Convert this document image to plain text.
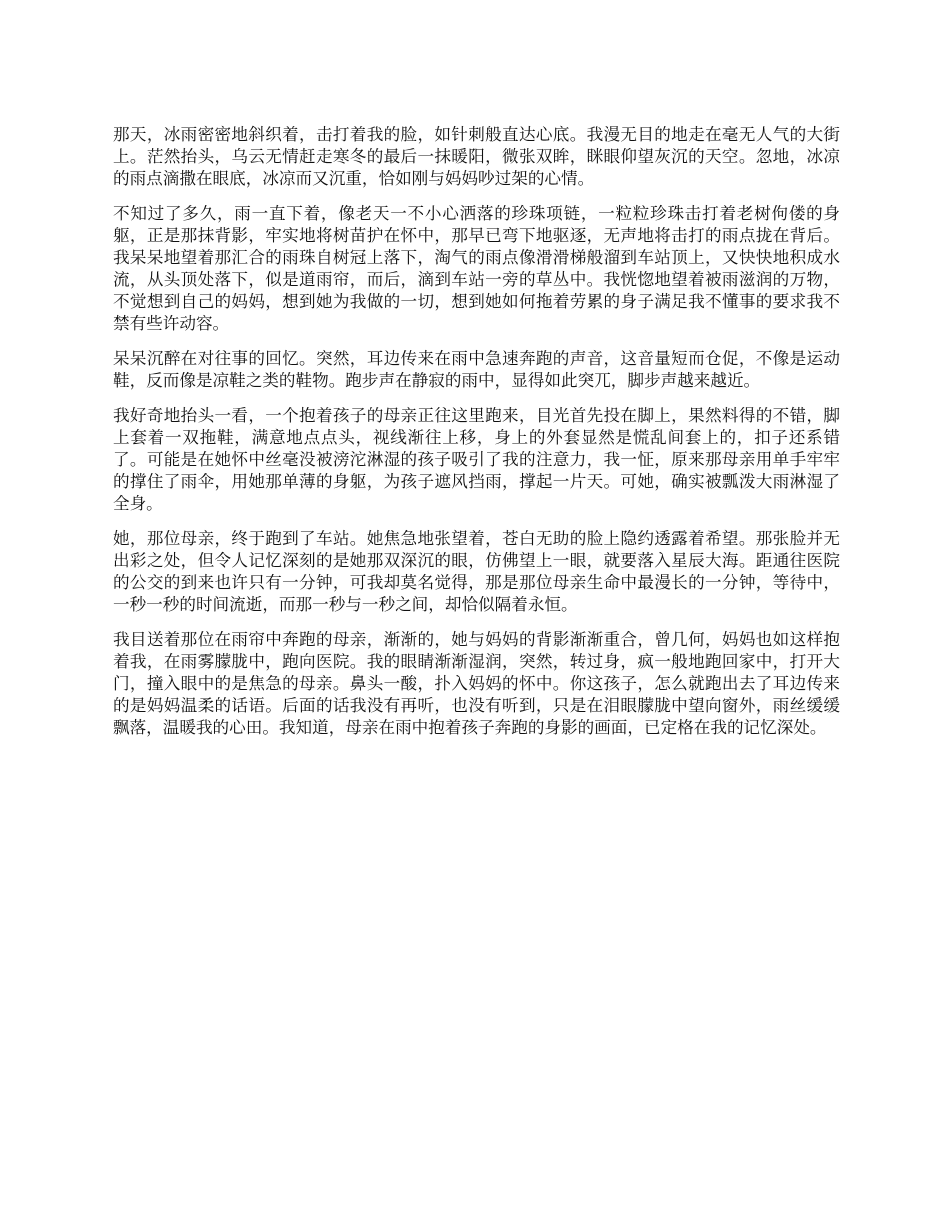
那天，冰雨密密地斜织着，击打着我的脸，如针刺般直达心底。我漫无目的地走在毫无人气的大街上。茫然抬头，乌云无情赶走寒冬的最后一抹暖阳，微张双眸，眯眼仰望灰沉的天空。忽地，冰凉的雨点滴撒在眼底，冰凉而又沉重，恰如刚与妈妈吵过架的心情。

不知过了多久，雨一直下着，像老天一不小心洒落的珍珠项链，一粒粒珍珠击打着老树佝偻的身躯，正是那抹背影，牢实地将树苗护在怀中，那早已弯下地驱逐，无声地将击打的雨点拢在背后。我呆呆地望着那汇合的雨珠自树冠上落下，淘气的雨点像滑滑梯般溜到车站顶上，又快快地积成水流，从头顶处落下，似是道雨帘，而后，滴到车站一旁的草丛中。我恍惚地望着被雨滋润的万物，不觉想到自己的妈妈，想到她为我做的一切，想到她如何拖着劳累的身子满足我不懂事的要求我不禁有些许动容。

呆呆沉醉在对往事的回忆。突然，耳边传来在雨中急速奔跑的声音，这音量短而仓促，不像是运动鞋，反而像是凉鞋之类的鞋物。跑步声在静寂的雨中，显得如此突兀，脚步声越来越近。

我好奇地抬头一看，一个抱着孩子的母亲正往这里跑来，目光首先投在脚上，果然料得的不错，脚上套着一双拖鞋，满意地点点头，视线渐往上移，身上的外套显然是慌乱间套上的，扣子还系错了。可能是在她怀中丝毫没被滂沱淋湿的孩子吸引了我的注意力，我一怔，原来那母亲用单手牢牢的撑住了雨伞，用她那单薄的身躯，为孩子遮风挡雨，撑起一片天。可她，确实被瓢泼大雨淋湿了全身。

她，那位母亲，终于跑到了车站。她焦急地张望着，苍白无助的脸上隐约透露着希望。那张脸并无出彩之处，但令人记忆深刻的是她那双深沉的眼，仿佛望上一眼，就要落入星辰大海。距通往医院的公交的到来也许只有一分钟，可我却莫名觉得，那是那位母亲生命中最漫长的一分钟，等待中，一秒一秒的时间流逝，而那一秒与一秒之间，却恰似隔着永恒。

我目送着那位在雨帘中奔跑的母亲，渐渐的，她与妈妈的背影渐渐重合，曾几何，妈妈也如这样抱着我，在雨雾朦胧中，跑向医院。我的眼睛渐渐湿润，突然，转过身，疯一般地跑回家中，打开大门，撞入眼中的是焦急的母亲。鼻头一酸，扑入妈妈的怀中。你这孩子，怎么就跑出去了耳边传来的是妈妈温柔的话语。后面的话我没有再听，也没有听到，只是在泪眼朦胧中望向窗外，雨丝缓缓飘落，温暖我的心田。我知道，母亲在雨中抱着孩子奔跑的身影的画面，已定格在我的记忆深处。
